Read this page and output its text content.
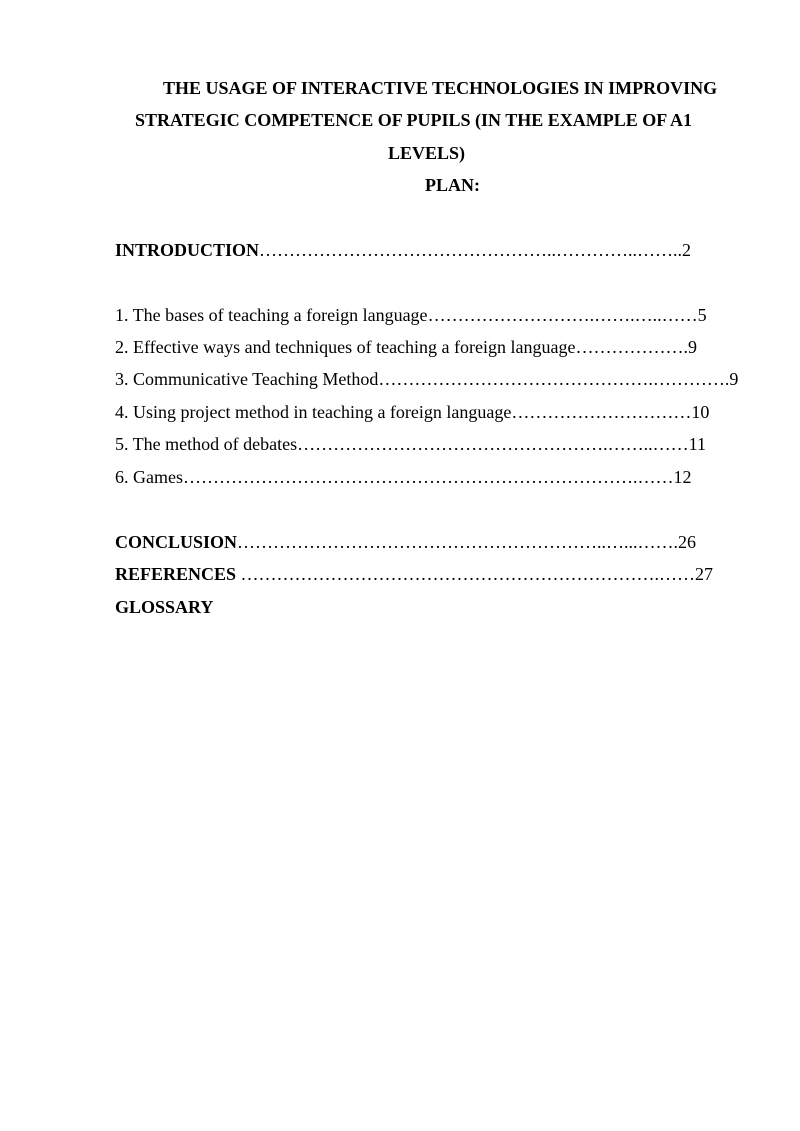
THE USAGE OF INTERACTIVE TECHNOLOGIES IN IMPROVING
STRATEGIC COMPETENCE OF PUPILS (IN THE EXAMPLE OF A1
LEVELS)
PLAN:
INTRODUCTION…………………………………………..…………..……..2
1. The bases of teaching a foreign language……………………….…….…..……5
2. Effective ways and techniques of teaching a foreign language……………….9
3. Communicative Teaching Method……………………………………….………….9
4. Using project method in teaching a foreign language…………………………10
5. The method of debates…………………………………………….……..……11
6. Games………………………………………………………………….……12
CONCLUSION……………………………………………………..…...…….26
REFERENCES …………………………………………………………….……27
GLOSSARY
